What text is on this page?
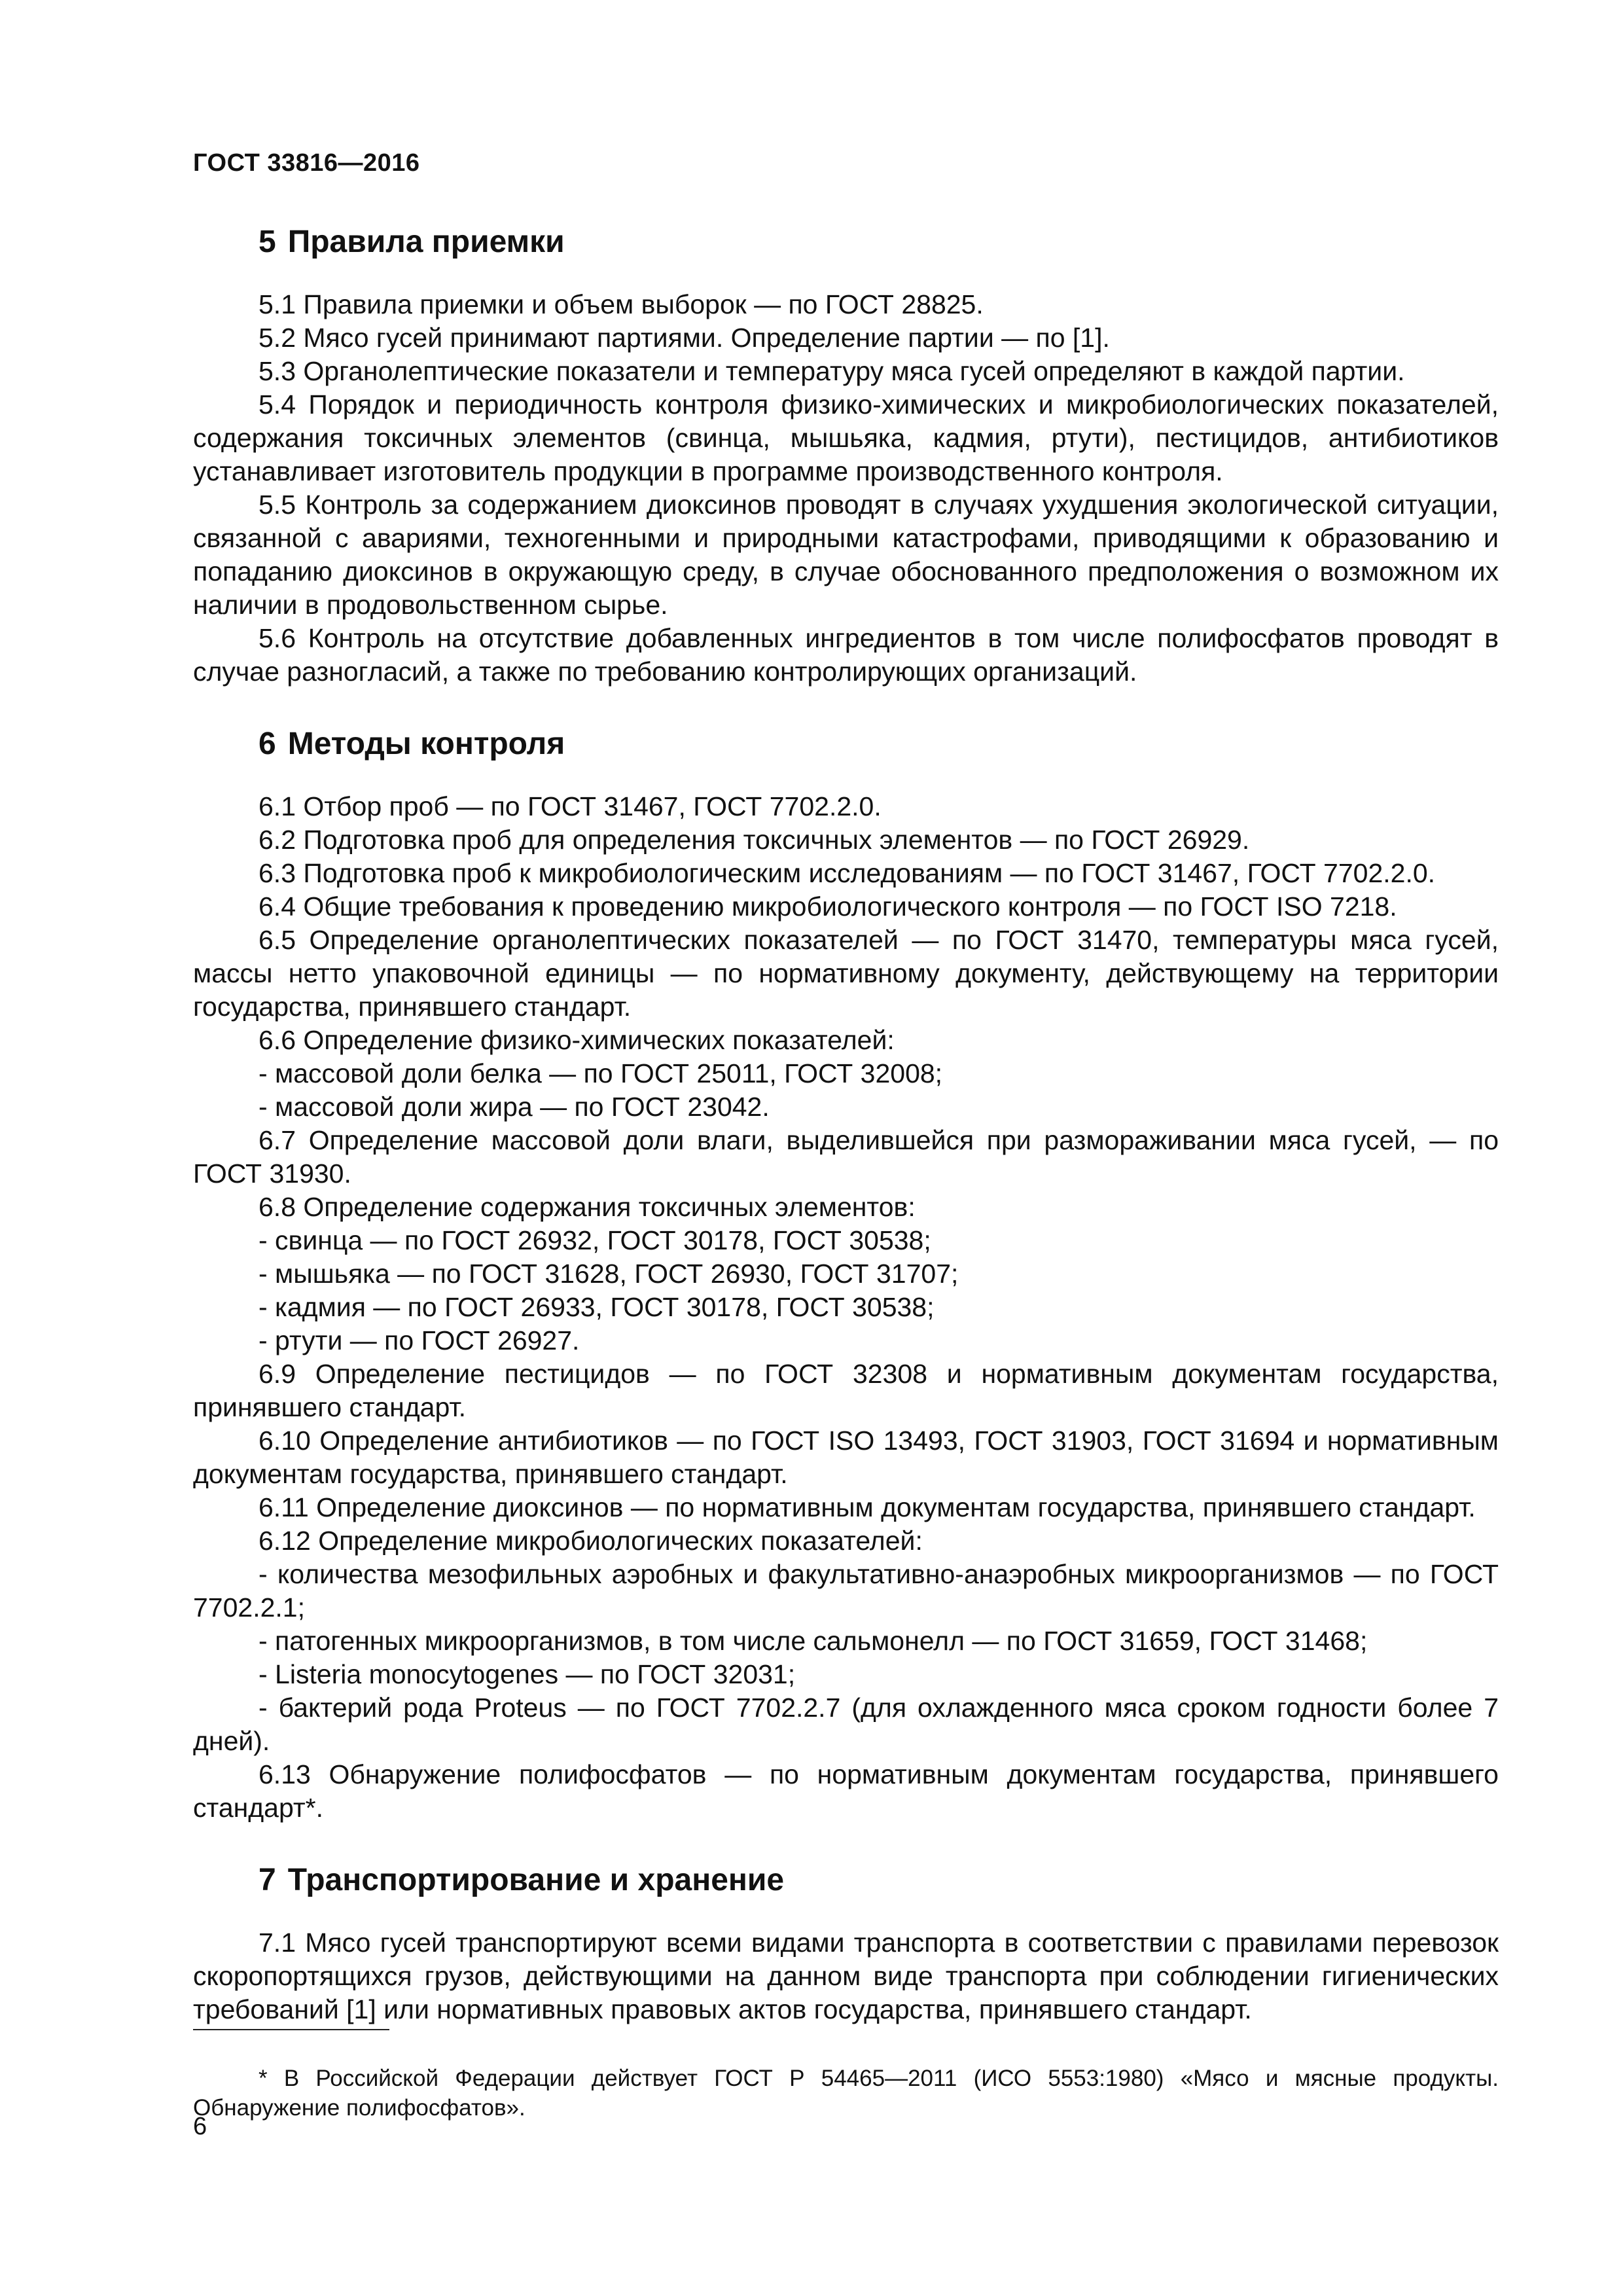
ГОСТ 33816—2016
5 Правила приемки

5.1 Правила приемки и объем выборок — по ГОСТ 28825.

5.2 Мясо гусей принимают партиями. Определение партии — по [1].

5.3 Органолептические показатели и температуру мяса гусей определяют в каждой партии.

5.4 Порядок и периодичность контроля физико-химических и микробиологических показателей, содержания токсичных элементов (свинца, мышьяка, кадмия, ртути), пестицидов, антибиотиков устанавливает изготовитель продукции в программе производственного контроля.

5.5 Контроль за содержанием диоксинов проводят в случаях ухудшения экологической ситуации, связанной с авариями, техногенными и природными катастрофами, приводящими к образованию и попаданию диоксинов в окружающую среду, в случае обоснованного предположения о возможном их наличии в продовольственном сырье.

5.6 Контроль на отсутствие добавленных ингредиентов в том числе полифосфатов проводят в случае разногласий, а также по требованию контролирующих организаций.

6 Методы контроля

6.1 Отбор проб — по ГОСТ 31467, ГОСТ 7702.2.0.

6.2 Подготовка проб для определения токсичных элементов — по ГОСТ 26929.

6.3 Подготовка проб к микробиологическим исследованиям — по ГОСТ 31467, ГОСТ 7702.2.0.

6.4 Общие требования к проведению микробиологического контроля — по ГОСТ ISO 7218.

6.5 Определение органолептических показателей — по ГОСТ 31470, температуры мяса гусей, массы нетто упаковочной единицы — по нормативному документу, действующему на территории государства, принявшего стандарт.

6.6 Определение физико-химических показателей:

- массовой доли белка — по ГОСТ 25011, ГОСТ 32008;

- массовой доли жира — по ГОСТ 23042.

6.7 Определение массовой доли влаги, выделившейся при размораживании мяса гусей, — по ГОСТ 31930.

6.8 Определение содержания токсичных элементов:

- свинца — по ГОСТ 26932, ГОСТ 30178, ГОСТ 30538;

- мышьяка — по ГОСТ 31628, ГОСТ 26930, ГОСТ 31707;

- кадмия — по ГОСТ 26933, ГОСТ 30178, ГОСТ 30538;

- ртути — по ГОСТ 26927.

6.9 Определение пестицидов — по ГОСТ 32308 и нормативным документам государства, принявшего стандарт.

6.10 Определение антибиотиков — по ГОСТ ISO 13493, ГОСТ 31903, ГОСТ 31694 и нормативным документам государства, принявшего стандарт.

6.11 Определение диоксинов — по нормативным документам государства, принявшего стандарт.

6.12 Определение микробиологических показателей:

- количества мезофильных аэробных и факультативно-анаэробных микроорганизмов — по ГОСТ 7702.2.1;

- патогенных микроорганизмов, в том числе сальмонелл — по ГОСТ 31659, ГОСТ 31468;

- Listeria monocytogenes — по ГОСТ 32031;

- бактерий рода Proteus — по ГОСТ 7702.2.7 (для охлажденного мяса сроком годности более 7 дней).

6.13 Обнаружение полифосфатов — по нормативным документам государства, принявшего стандарт*.

7 Транспортирование и хранение

7.1 Мясо гусей транспортируют всеми видами транспорта в соответствии с правилами перевозок скоропортящихся грузов, действующими на данном виде транспорта при соблюдении гигиенических требований [1] или нормативных правовых актов государства, принявшего стандарт.

* В Российской Федерации действует ГОСТ Р 54465—2011 (ИСО 5553:1980) «Мясо и мясные продукты. Обнаружение полифосфатов».

6
